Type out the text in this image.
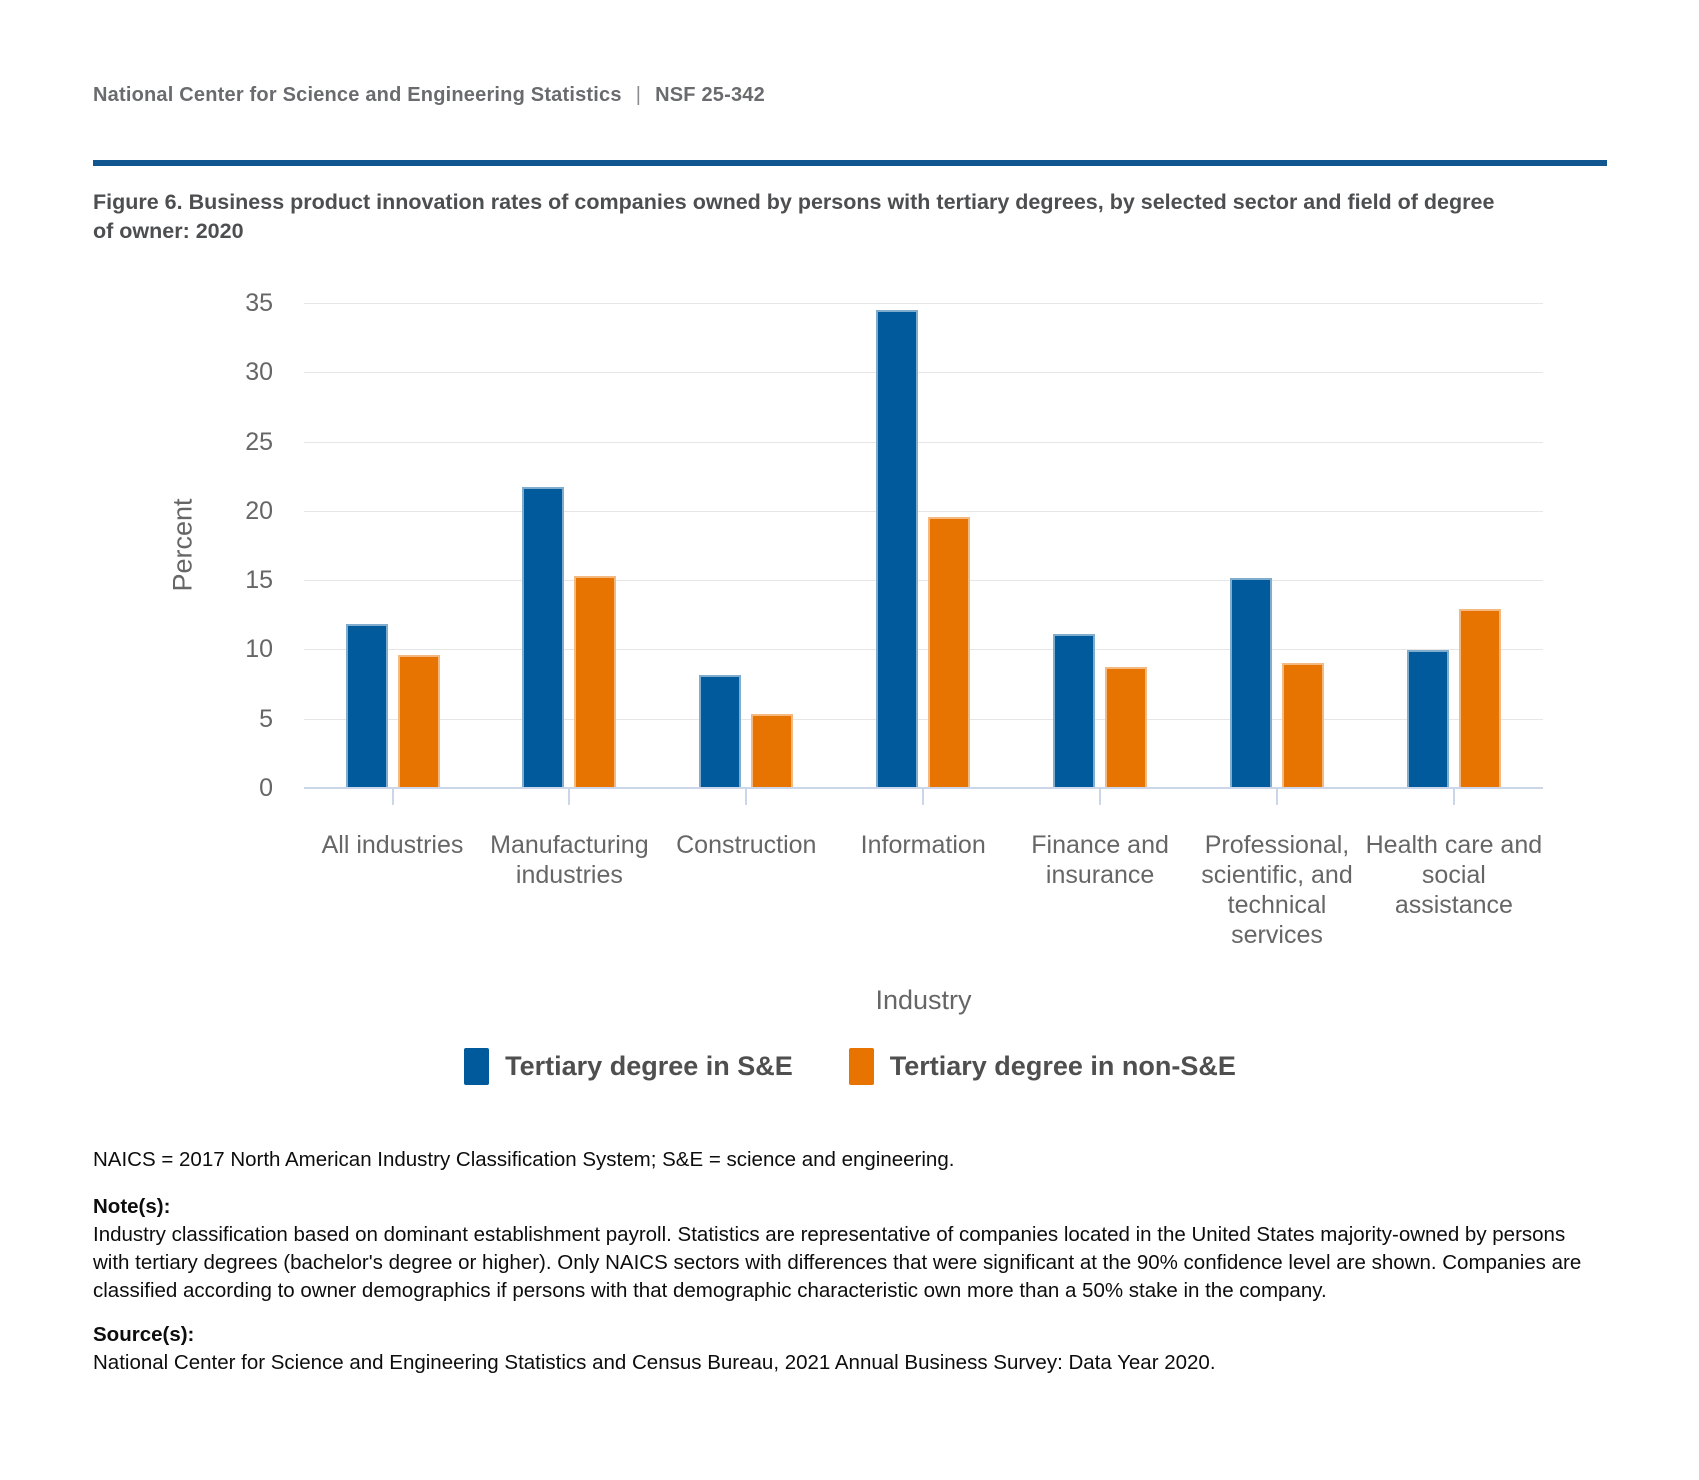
National Center for Science and Engineering Statistics | NSF 25-342
Figure 6. Business product innovation rates of companies owned by persons with tertiary degrees, by selected sector and field of degree of owner: 2020
Percent
Industry
Tertiary degree in S&E	Tertiary degree in non-S&E
0
5
10
15
20
25
30
35
All industries	Manufacturing industries
Construction	Information	Finance and insurance
Professional, scientific, and technical services
Health care and social assistance
NAICS = 2017 North American Industry Classification System; S&E = science and engineering.
Note(s):
Industry classification based on dominant establishment payroll. Statistics are representative of companies located in the United States majority-owned by persons with tertiary degrees (bachelor's degree or higher). Only NAICS sectors with differences that were significant at the 90% confidence level are shown. Companies are classified according to owner demographics if persons with that demographic characteristic own more than a 50% stake in the company.
Source(s):
National Center for Science and Engineering Statistics and Census Bureau, 2021 Annual Business Survey: Data Year 2020.
